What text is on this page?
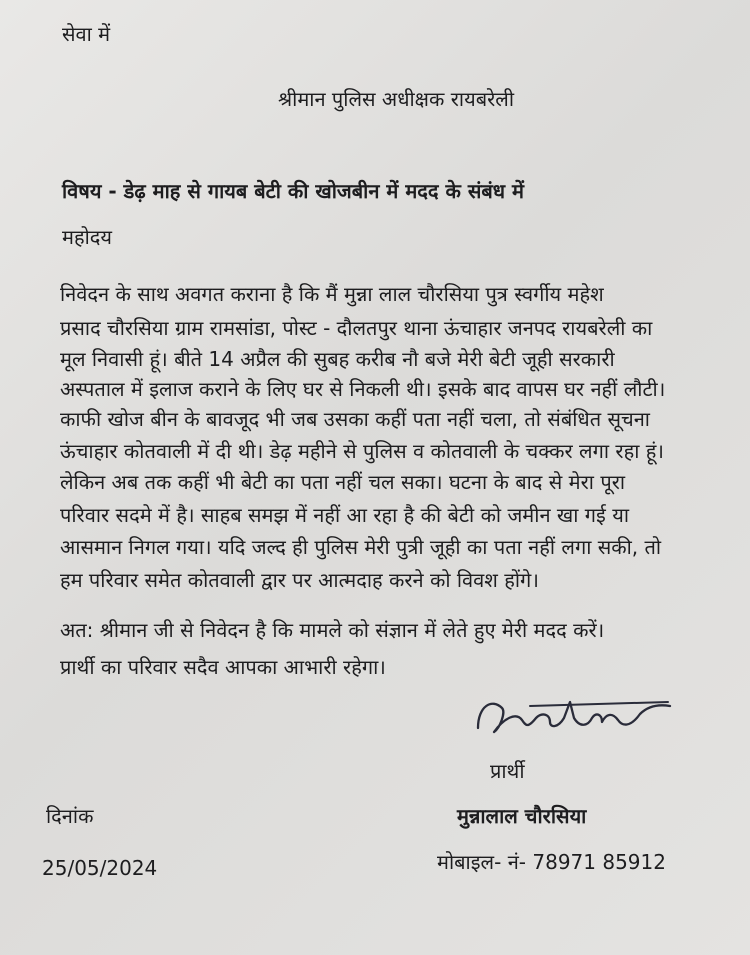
सेवा में
श्रीमान पुलिस अधीक्षक रायबरेली
विषय - डेढ़ माह से गायब बेटी की खोजबीन में मदद के संबंध में
महोदय
निवेदन के साथ अवगत कराना है कि मैं मुन्ना लाल चौरसिया पुत्र स्वर्गीय महेश
प्रसाद चौरसिया ग्राम रामसांडा, पोस्ट - दौलतपुर थाना ऊंचाहार जनपद रायबरेली का
मूल निवासी हूं। बीते 14 अप्रैल की सुबह करीब नौ बजे मेरी बेटी जूही सरकारी
अस्पताल में इलाज कराने के लिए घर से निकली थी। इसके बाद वापस घर नहीं लौटी।
काफी खोज बीन के बावजूद भी जब उसका कहीं पता नहीं चला, तो संबंधित सूचना
ऊंचाहार कोतवाली में दी थी। डेढ़ महीने से पुलिस व कोतवाली के चक्कर लगा रहा हूं।
लेकिन अब तक कहीं भी बेटी का पता नहीं चल सका। घटना के बाद से मेरा पूरा
परिवार सदमे में है। साहब समझ में नहीं आ रहा है की बेटी को जमीन खा गई या
आसमान निगल गया। यदि जल्द ही पुलिस मेरी पुत्री जूही का पता नहीं लगा सकी, तो
हम परिवार समेत कोतवाली द्वार पर आत्मदाह करने को विवश होंगे।
अत: श्रीमान जी से निवेदन है कि मामले को संज्ञान में लेते हुए मेरी मदद करें।
प्रार्थी का परिवार सदैव आपका आभारी रहेगा।
प्रार्थी
दिनांक	मुन्नालाल चौरसिया
25/05/2024	मोबाइल- नं- 78971 85912
